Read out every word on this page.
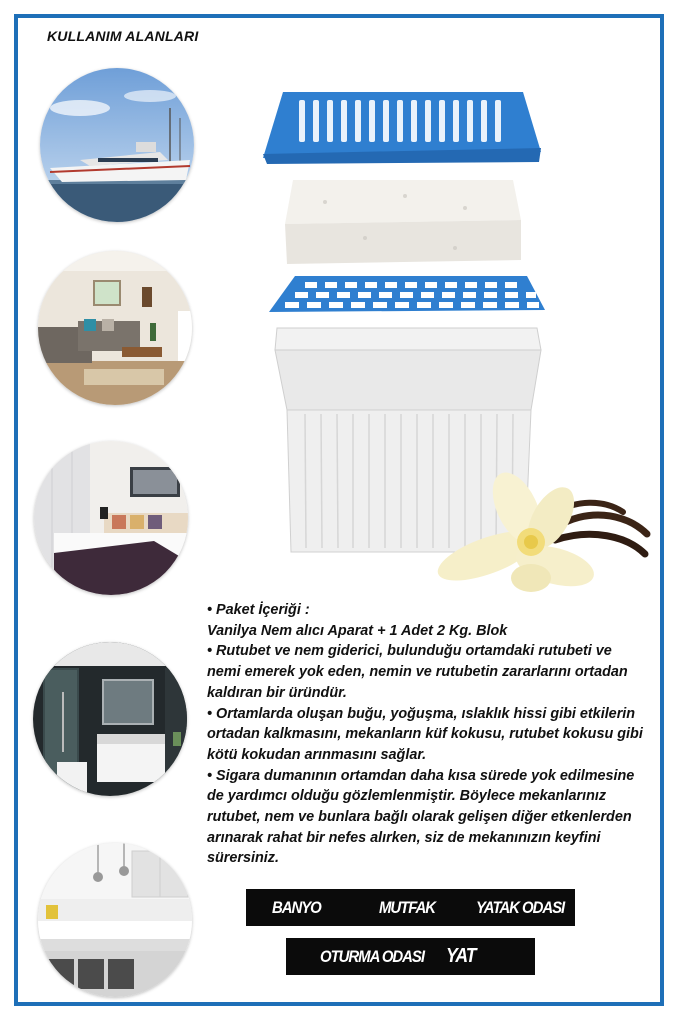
KULLANIM ALANLARI

• Paket İçeriği :

Vanilya Nem alıcı Aparat + 1 Adet 2 Kg. Blok

• Rutubet ve nem giderici, bulunduğu ortamdaki rutubeti ve nemi emerek yok eden, nemin ve rutubetin zararlarını ortadan kaldıran bir üründür.

• Ortamlarda oluşan buğu, yoğuşma, ıslaklık hissi gibi etkilerin ortadan kalkmasını, mekanların küf kokusu, rutubet kokusu gibi kötü kokudan arınmasını sağlar.

• Sigara dumanının ortamdan daha kısa sürede yok edilmesine de yardımcı olduğu gözlemlenmiştir. Böylece mekanlarınız rutubet, nem ve bunlara bağlı olarak gelişen diğer etkenlerden arınarak rahat bir nefes alırken, siz de mekanınızın keyfini sürersiniz.

BANYO	MUTFAK YATAK ODASI
OTURMA ODASI YAT
